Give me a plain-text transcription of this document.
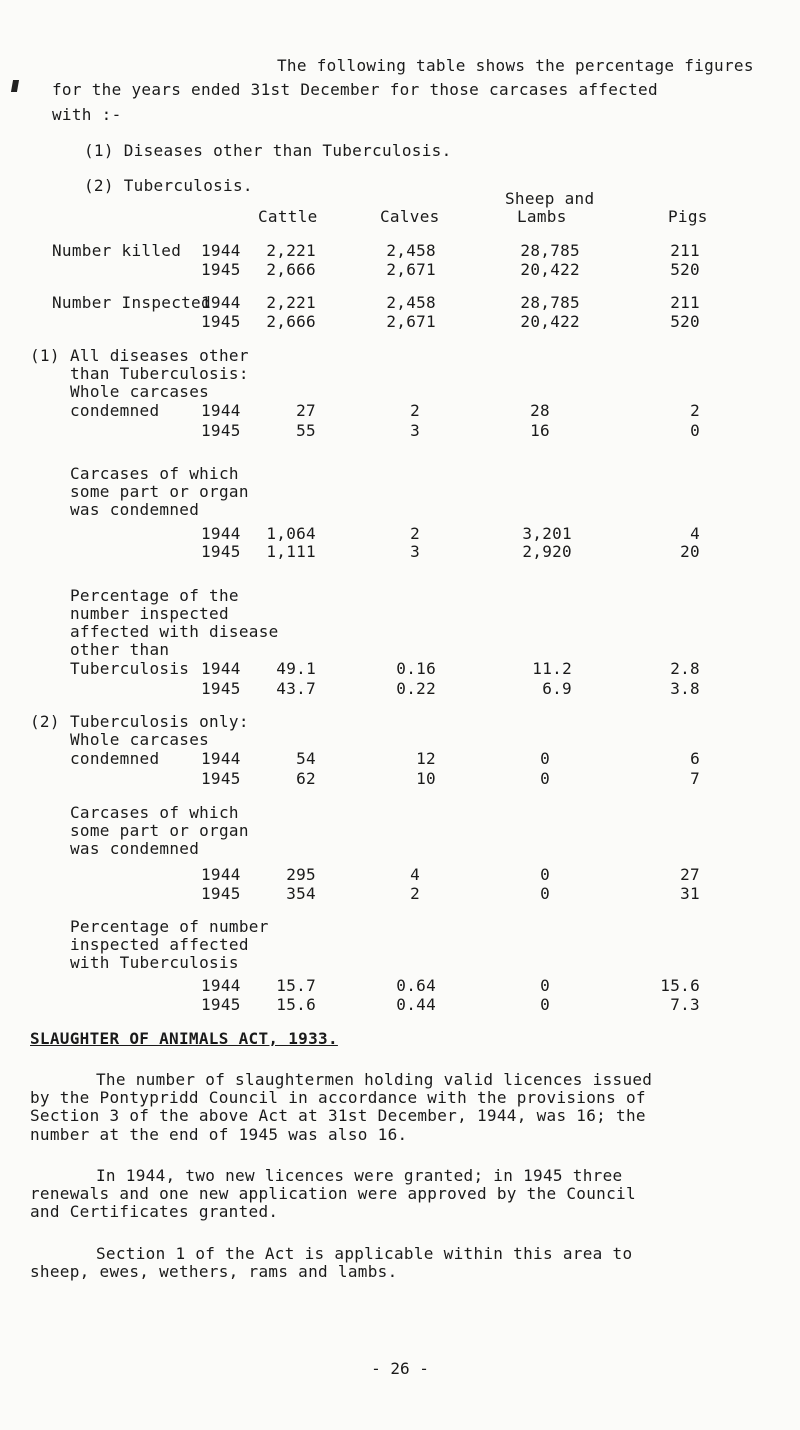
The following table shows the percentage figures
for the years ended 31st December for those carcases affected
with :-
(1) Diseases other than Tuberculosis.
(2) Tuberculosis.
Cattle	Calves
Sheep and
Lambs	Pigs
Number killed 1944	2,221	2,458	28,785	211
1945	2,666	2,671	20,422	520
Number Inspected
1944	2,221	2,458	28,785	211
1945	2,666	2,671	20,422	520
(1) All diseases other
than Tuberculosis:
Whole carcases
condemned	1944	27	2	28	2
1945	55	3	16	0
Carcases of which
some part or organ
was condemned
1944	1,064	2	3,201	4
1945	1,111	3	2,920	20
Percentage of the
number inspected
affected with disease
other than
Tuberculosis 1944	49.1	0.16	11.2	2.8
1945	43.7	0.22	6.9	3.8
(2) Tuberculosis only:
Whole carcases
condemned	1944	54	12	0	6
1945	62	10	0	7
Carcases of which
some part or organ
was condemned
1944	295	4	0	27
1945	354	2	0	31
Percentage of number
inspected affected
with Tuberculosis
1944	15.7	0.64	0	15.6
1945	15.6	0.44	0	7.3
SLAUGHTER OF ANIMALS ACT, 1933.
The number of slaughtermen holding valid licences issued
by the Pontypridd Council in accordance with the provisions of
Section 3 of the above Act at 31st December, 1944, was 16; the
number at the end of 1945 was also 16.
In 1944, two new licences were granted; in 1945 three
renewals and one new application were approved by the Council
and Certificates granted.
Section 1 of the Act is applicable within this area to
sheep, ewes, wethers, rams and lambs.
- 26 -
